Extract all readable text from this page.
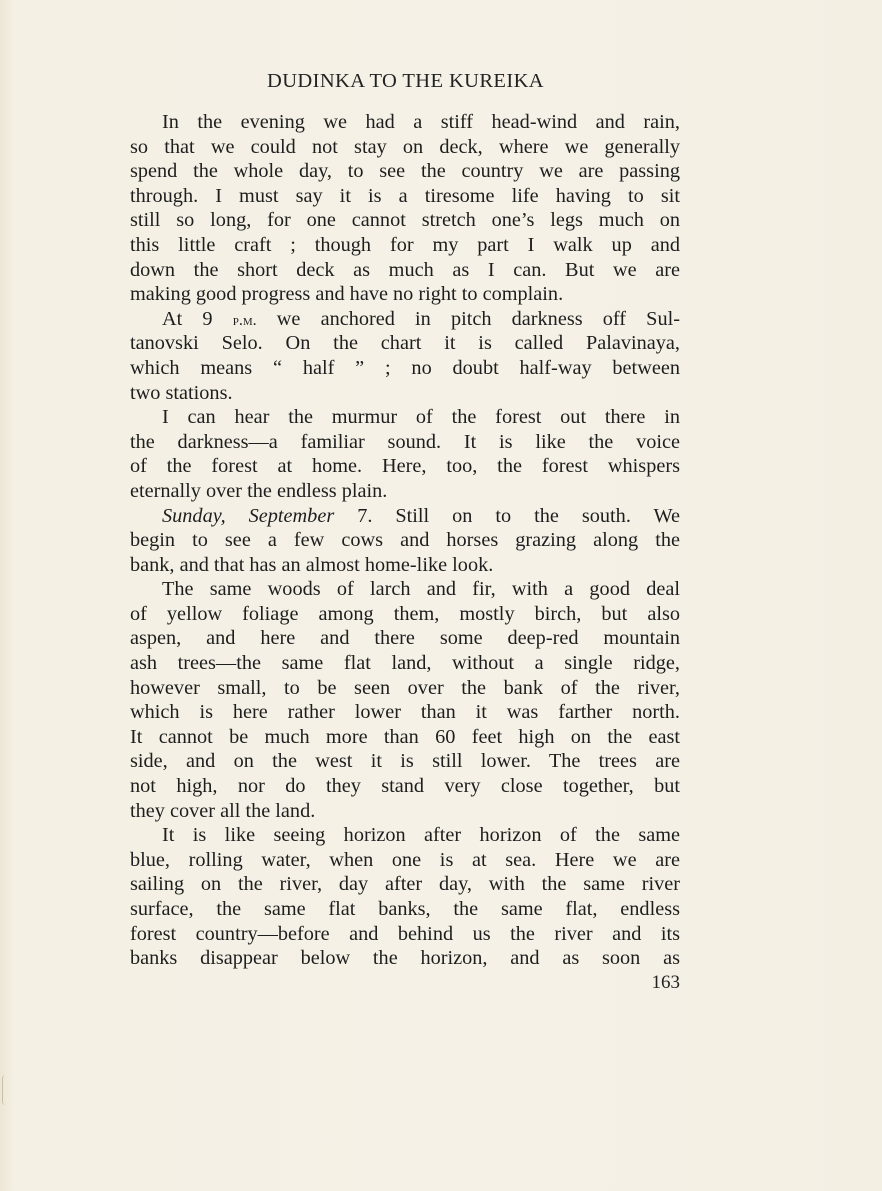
DUDINKA TO THE KUREIKA
In the evening we had a stiff head-wind and rain,
so that we could not stay on deck, where we generally
spend the whole day, to see the country we are passing
through. I must say it is a tiresome life having to sit
still so long, for one cannot stretch one’s legs much on
this little craft ; though for my part I walk up and
down the short deck as much as I can. But we are
making good progress and have no right to complain.
At 9 p.m. we anchored in pitch darkness off Sul-
tanovski Selo. On the chart it is called Palavinaya,
which means “ half ” ; no doubt half-way between
two stations.
I can hear the murmur of the forest out there in
the darkness—a familiar sound. It is like the voice
of the forest at home. Here, too, the forest whispers
eternally over the endless plain.
Sunday, September 7. Still on to the south. We
begin to see a few cows and horses grazing along the
bank, and that has an almost home-like look.
The same woods of larch and fir, with a good deal
of yellow foliage among them, mostly birch, but also
aspen, and here and there some deep-red mountain
ash trees—the same flat land, without a single ridge,
however small, to be seen over the bank of the river,
which is here rather lower than it was farther north.
It cannot be much more than 60 feet high on the east
side, and on the west it is still lower. The trees are
not high, nor do they stand very close together, but
they cover all the land.
It is like seeing horizon after horizon of the same
blue, rolling water, when one is at sea. Here we are
sailing on the river, day after day, with the same river
surface, the same flat banks, the same flat, endless
forest country—before and behind us the river and its
banks disappear below the horizon, and as soon as
163
